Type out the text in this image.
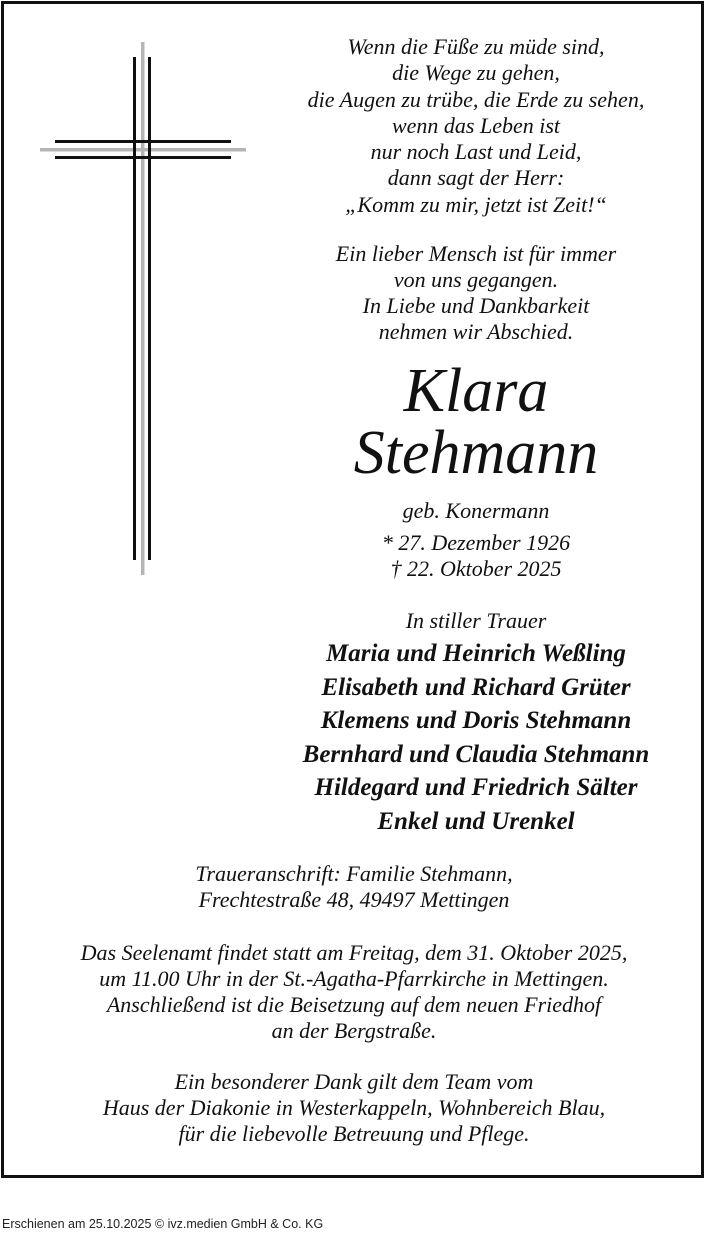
Wenn die Füße zu müde sind,
die Wege zu gehen,
die Augen zu trübe, die Erde zu sehen,
wenn das Leben ist
nur noch Last und Leid,
dann sagt der Herr:
„Komm zu mir, jetzt ist Zeit!“
Ein lieber Mensch ist für immer
von uns gegangen.
In Liebe und Dankbarkeit
nehmen wir Abschied.
Klara
Stehmann
geb. Konermann
* 27. Dezember 1926
† 22. Oktober 2025
In stiller Trauer
Maria und Heinrich Weßling
Elisabeth und Richard Grüter
Klemens und Doris Stehmann
Bernhard und Claudia Stehmann
Hildegard und Friedrich Sälter
Enkel und Urenkel
Traueranschrift: Familie Stehmann,
Frechtestraße 48, 49497 Mettingen
Das Seelenamt findet statt am Freitag, dem 31. Oktober 2025,
um 11.00 Uhr in der St.-Agatha-Pfarrkirche in Mettingen.
Anschließend ist die Beisetzung auf dem neuen Friedhof
an der Bergstraße.
Ein besonderer Dank gilt dem Team vom
Haus der Diakonie in Westerkappeln, Wohnbereich Blau,
für die liebevolle Betreuung und Pflege.
Erschienen am 25.10.2025 © ivz.medien GmbH & Co. KG
